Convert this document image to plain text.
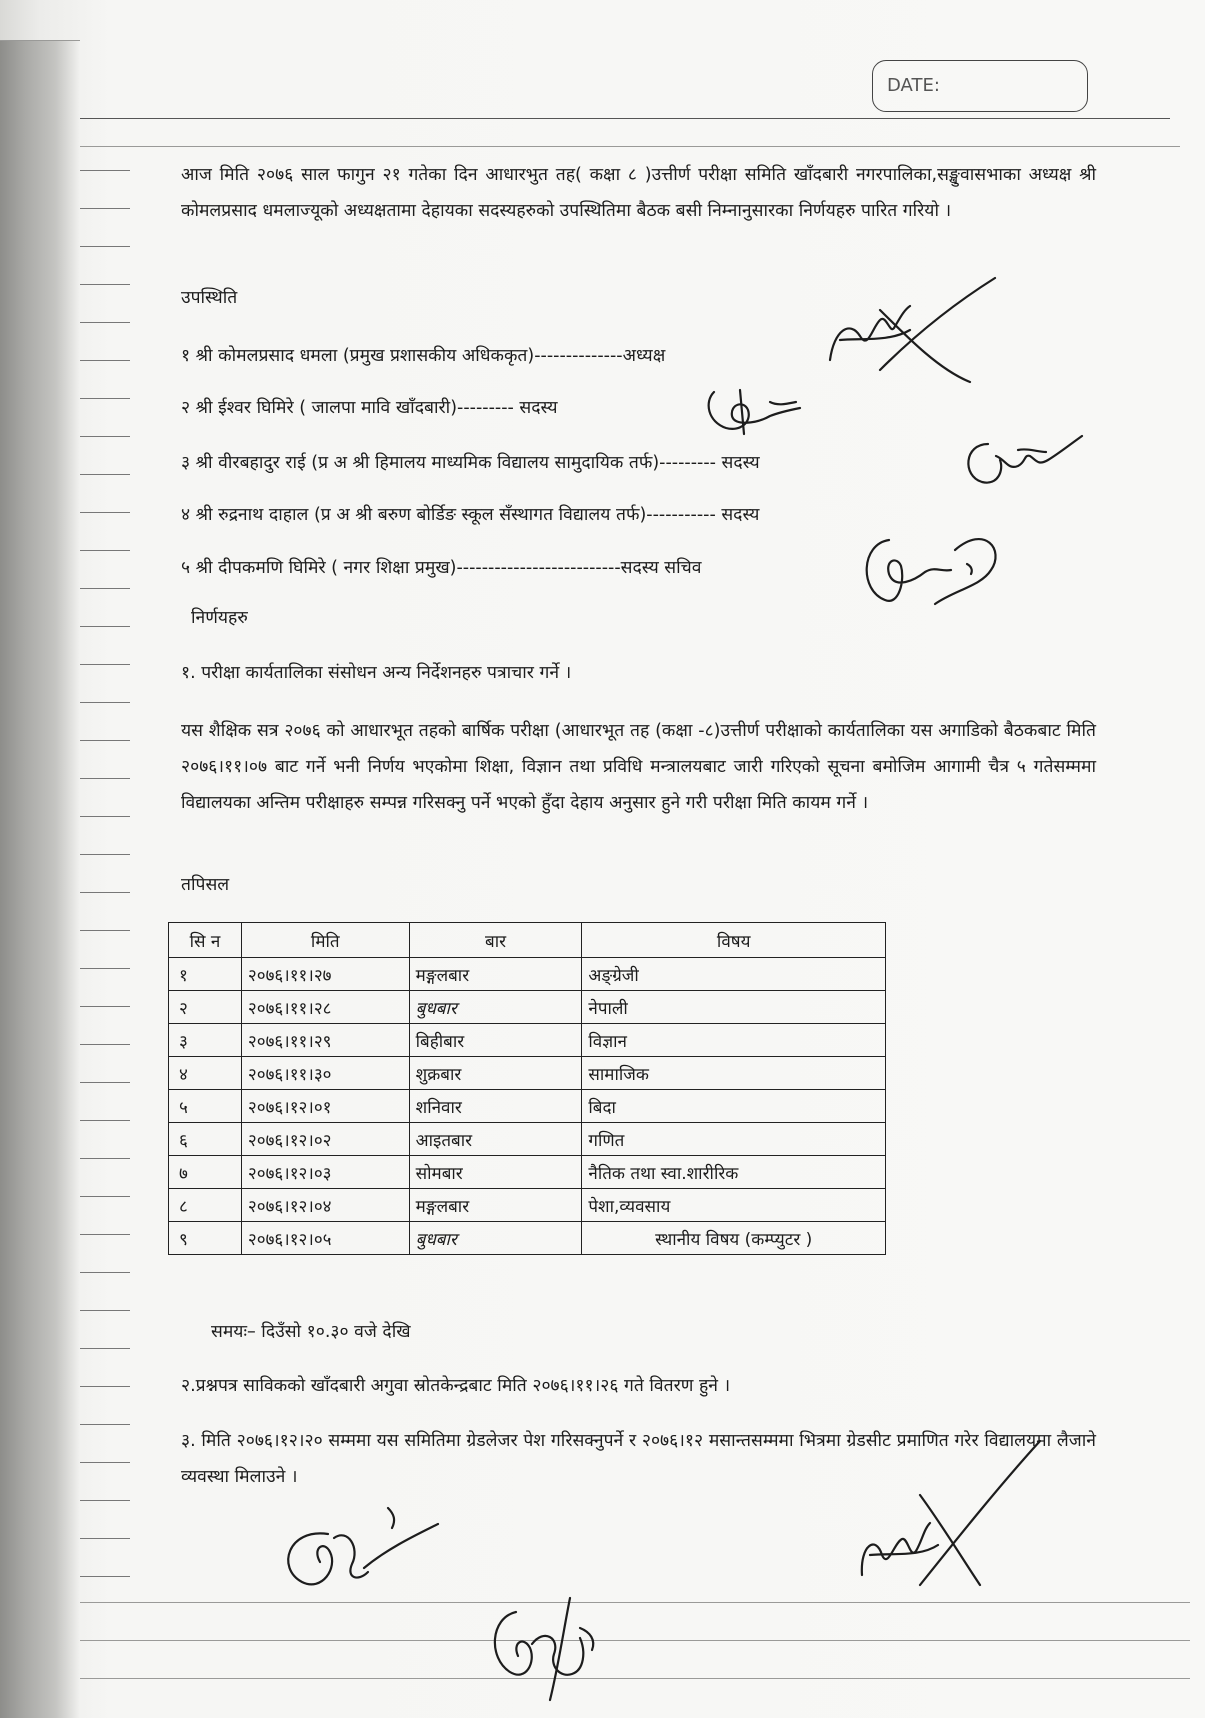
DATE:
आज मिति २०७६ साल फागुन २१ गतेका दिन आधारभुत तह( कक्षा ८ )उत्तीर्ण परीक्षा समिति खाँदबारी नगरपालिका,सङ्खुवासभाका अध्यक्ष श्री कोमलप्रसाद धमलाज्यूको अध्यक्षतामा देहायका सदस्यहरुको उपस्थितिमा बैठक बसी निम्नानुसारका निर्णयहरु पारित गरियो ।
उपस्थिति
१ श्री कोमलप्रसाद धमला (प्रमुख प्रशासकीय अधिककृत)--------------अध्यक्ष
२ श्री ईश्वर घिमिरे ( जालपा मावि खाँदबारी)--------- सदस्य
३ श्री वीरबहादुर राई (प्र अ श्री हिमालय माध्यमिक विद्यालय सामुदायिक तर्फ)--------- सदस्य
४ श्री रुद्रनाथ दाहाल (प्र अ श्री बरुण बोर्डिङ स्कूल सँस्थागत विद्यालय तर्फ)----------- सदस्य
५ श्री दीपकमणि घिमिरे ( नगर शिक्षा प्रमुख)--------------------------सदस्य सचिव
निर्णयहरु
१. परीक्षा कार्यतालिका संसोधन अन्य निर्देशनहरु पत्राचार गर्ने ।
यस शैक्षिक सत्र २०७६ को आधारभूत तहको बार्षिक परीक्षा (आधारभूत तह (कक्षा -८)उत्तीर्ण परीक्षाको कार्यतालिका यस अगाडिको बैठकबाट मिति २०७६।११।०७ बाट गर्ने भनी निर्णय भएकोमा शिक्षा, विज्ञान तथा प्रविधि मन्त्रालयबाट जारी गरिएको सूचना बमोजिम आगामी चैत्र ५ गतेसम्ममा विद्यालयका अन्तिम परीक्षाहरु सम्पन्न गरिसक्नु पर्ने भएको हुँदा देहाय अनुसार हुने गरी परीक्षा मिति कायम गर्ने ।
तपिसल
सि न	मिति	बार	विषय
१	२०७६।११।२७	मङ्गलबार	अङ्ग्रेजी
२	२०७६।११।२८	बुधबार	नेपाली
३	२०७६।११।२९	बिहीबार	विज्ञान
४	२०७६।११।३०	शुक्रबार	सामाजिक
५	२०७६।१२।०१	शनिवार	बिदा
६	२०७६।१२।०२	आइतबार	गणित
७	२०७६।१२।०३	सोमबार	नैतिक तथा स्वा.शारीरिक
८	२०७६।१२।०४	मङ्गलबार	पेशा,व्यवसाय
९	२०७६।१२।०५	बुधबार	स्थानीय विषय (कम्प्युटर )
समयः– दिउँसो १०.३० वजे देखि
२.प्रश्नपत्र साविकको खाँदबारी अगुवा स्रोतकेन्द्रबाट मिति २०७६।११।२६ गते वितरण हुने ।
३. मिति २०७६।१२।२० सम्ममा यस समितिमा ग्रेडलेजर पेश गरिसक्नुपर्ने र २०७६।१२ मसान्तसम्ममा भित्रमा ग्रेडसीट प्रमाणित गरेर विद्यालयमा लैजाने व्यवस्था मिलाउने ।
